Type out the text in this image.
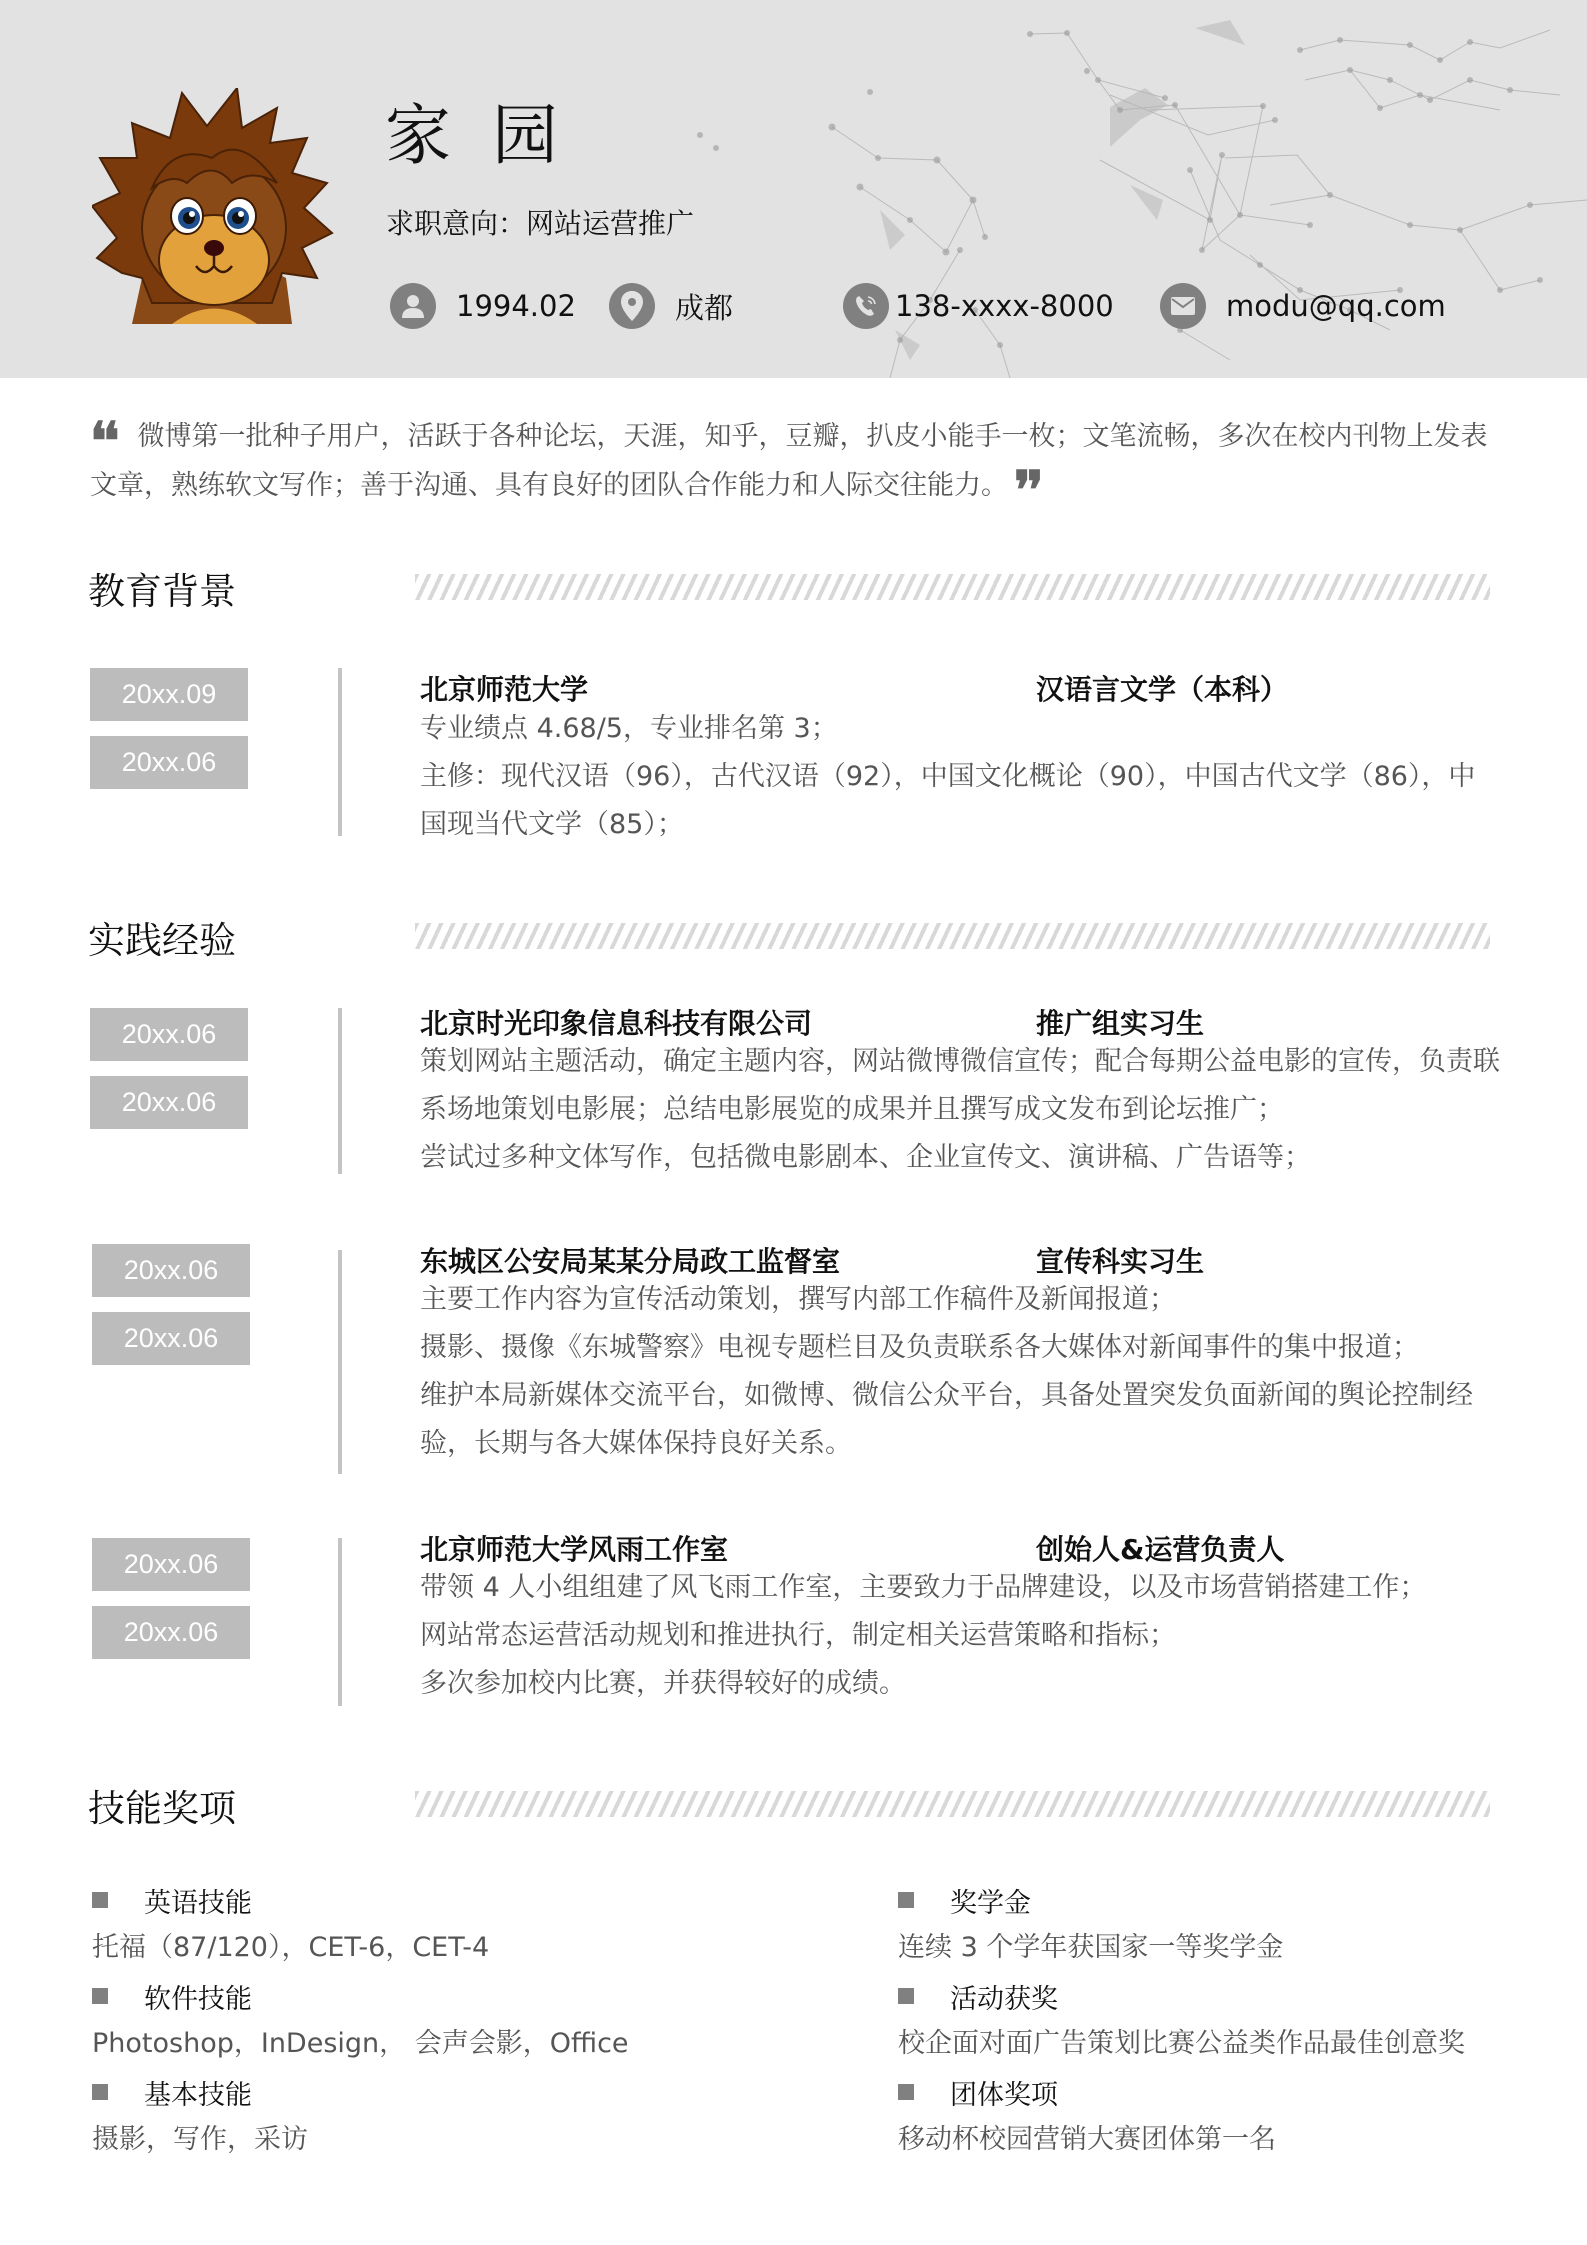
家 园
求职意向：网站运营推广
1994.02	成都	138-xxxx-8000	modu@qq.com
❛❛ 微博第一批种子用户，活跃于各种论坛，天涯，知乎，豆瓣，扒皮小能手一枚；文笔流畅，多次在校内刊物上发表文章，熟练软文写作；善于沟通、具有良好的团队合作能力和人际交往能力。 ❜❜
教育背景
20xx.09
20xx.06
北京师范大学	汉语言文学（本科）
专业绩点 4.68/5，专业排名第 3；
主修：现代汉语（96），古代汉语（92），中国文化概论（90），中国古代文学（86），中国现当代文学（85）；
实践经验
20xx.06
20xx.06
北京时光印象信息科技有限公司	推广组实习生
策划网站主题活动，确定主题内容，网站微博微信宣传；配合每期公益电影的宣传，负责联系场地策划电影展；总结电影展览的成果并且撰写成文发布到论坛推广；
尝试过多种文体写作，包括微电影剧本、企业宣传文、演讲稿、广告语等；
20xx.06
20xx.06
东城区公安局某某分局政工监督室	宣传科实习生
主要工作内容为宣传活动策划，撰写内部工作稿件及新闻报道；
摄影、摄像《东城警察》电视专题栏目及负责联系各大媒体对新闻事件的集中报道；
维护本局新媒体交流平台，如微博、微信公众平台，具备处置突发负面新闻的舆论控制经验，长期与各大媒体保持良好关系。
20xx.06
20xx.06
北京师范大学风雨工作室	创始人&运营负责人
带领 4 人小组组建了风飞雨工作室，主要致力于品牌建设，以及市场营销搭建工作；
网站常态运营活动规划和推进执行，制定相关运营策略和指标；
多次参加校内比赛，并获得较好的成绩。
技能奖项
英语技能
托福（87/120），CET-6，CET-4
软件技能
Photoshop，InDesign， 会声会影，Office
基本技能
摄影，写作，采访
奖学金
连续 3 个学年获国家一等奖学金
活动获奖
校企面对面广告策划比赛公益类作品最佳创意奖
团体奖项
移动杯校园营销大赛团体第一名
